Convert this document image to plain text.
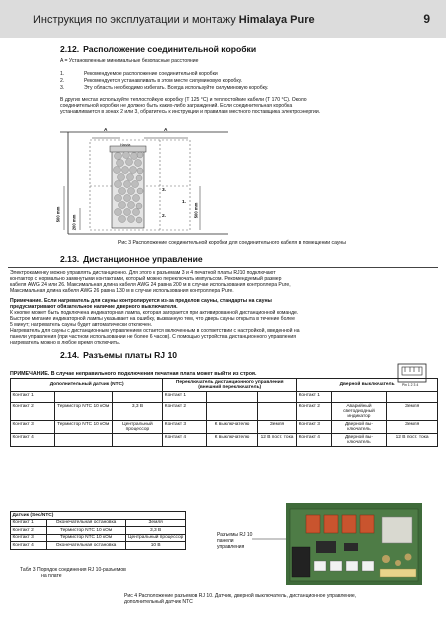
Инструкция по эксплуатации и монтажу Himalaya Pure	9
2.12. Расположение соединительной коробки
A = Установленные минимальные безопасные расстояние
1.	Рекомендуемое расположение соединительной коробки
2.	Рекомендуется устанавливать в этом месте силуминовую коробку.
3.	Эту область необходимо избегать. Всегда используйте силуминовую коробку.
В других местах используйте теплостойкую коробку (Т 125 °С) и теплостойкие кабели (Т 170 °С). Около
соединительной коробки не должно быть каких-либо заграждений. Если соединительная коробка
устанавливается в зонах 2 или 3, обратитесь к инструкции и правилам местного поставщика электроэнергии.
A	A
3.
1.
2.
500 mm
200 mm
500 mm
Harvia
Рис 3 Расположение соединительной коробки для соединительного кабеля в помещении сауны
2.13. Дистанционное управление
Электрокаменку можно управлять дистанционно. Для этого к разъемам 3 и 4 печатной платы RJ10 подключают
контактор с нормально замкнутыми контактами, который можно переключать импульсом. Рекомендуемый размер
кабеля AWG 24 или 26. Максимальная длина кабеля AWG 24 равна 200 м в случае использования контроллера Pure,
Максимальная длина кабеля AWG 26 равна 130 м в случае использования контроллера Pure.
Примечание. Если нагреватель для сауны контролируется из-за пределов сауны, стандарты на сауны
предусматривают обязательное наличие дверного выключателя.
К кнопке может быть подключена индикаторная лампа, которая загорается при активированной дистанционной команде.
Быстрое мигание индикаторной лампы указывает на ошибку, вызванную тем, что дверь сауны открыта в течение более
5 минут; нагреватель сауны будет автоматически отключен.
Нагреватель для сауны с дистанционным управлением остается включенным в соответствии с настройкой, введенной на
панели управления (при частном использовании не более 6 часов). С помощью устройства дистанционного управления
нагреватель можно в любое время отключить.
2.14. Разъемы платы RJ 10
ПРИМЕЧАНИЕ. В случае неправильного подключения печатная плата может выйти из строя.
Pin 1 2 3 4
Дополнительный датчик (NTC)			Переключатель дистанционного управления (внешний переключатель)			Дверной выключатель		
Контакт 1			Контакт 1			Контакт 1		
Контакт 2	Термистор NTC 10 кОм	3,3 В	Контакт 2			Контакт 2	Аварийный светодиодный индикатор	Земля
Контакт 3	Термистор NTC 10 кОм	Центральный процессор	Контакт 3	К выключателю	Земля	Контакт 3	Дверной вы-ключатель	Земля
Контакт 4			Контакт 4	К выключателю	12 В пост. тока	Контакт 4	Дверной вы-ключатель	12 В пост. тока
Датчик (Sec/NTC)		
Контакт 1	Оконечательная остановка	Земля
Контакт 2	Термистор NTC 10 кОм	3,3 В
Контакт 3	Термистор NTC 10 кОм	Центральный процессор
Контакт 4	Оконечательная остановка	10 В
Табл 3 Порядок соединения RJ 10-разъемов
на плате
Разъемы RJ 10
панели
управления
Рис 4 Расположение разъемов RJ 10. Датчик, дверной выключатель, дистанционное управление,
дополнительный датчик NTC
